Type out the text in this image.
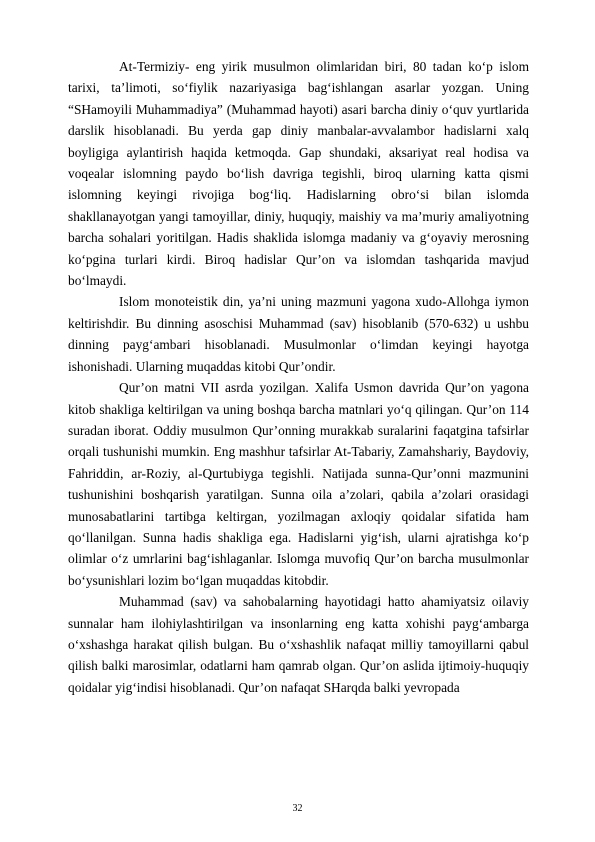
At-Termiziy- eng yirik musulmon olimlaridan biri, 80 tadan ko‘p islom tarixi, ta’limoti, so‘fiylik nazariyasiga bag‘ishlangan asarlar yozgan. Uning “SHamoyili Muhammadiya” (Muhammad hayoti) asari barcha diniy o‘quv yurtlarida darslik hisoblanadi. Bu yerda gap diniy manbalar-avvalambor hadislarni xalq boyligiga aylantirish haqida ketmoqda. Gap shundaki, aksariyat real hodisa va voqealar islomning paydo bo‘lish davriga tegishli, biroq ularning katta qismi islomning keyingi rivojiga bog‘liq. Hadislarning obro‘si bilan islomda shakllanayotgan yangi tamoyillar, diniy, huquqiy, maishiy va ma’muriy amaliyotning barcha sohalari yoritilgan. Hadis shaklida islomga madaniy va g‘oyaviy merosning ko‘pgina turlari kirdi. Biroq hadislar Qur’on va islomdan tashqarida mavjud bo‘lmaydi.

Islom monoteistik din, ya’ni uning mazmuni yagona xudo-Allohga iymon keltirishdir. Bu dinning asoschisi Muhammad (sav) hisoblanib (570-632) u ushbu dinning payg‘ambari hisoblanadi. Musulmonlar o‘limdan keyingi hayotga ishonishadi. Ularning muqaddas kitobi Qur’ondir.

Qur’on matni VII asrda yozilgan. Xalifa Usmon davrida Qur’on yagona kitob shakliga keltirilgan va uning boshqa barcha matnlari yo‘q qilingan. Qur’on 114 suradan iborat. Oddiy musulmon Qur’onning murakkab suralarini faqatgina tafsirlar orqali tushunishi mumkin. Eng mashhur tafsirlar At-Tabariy, Zamahshariy, Baydoviy, Fahriddin, ar-Roziy, al-Qurtubiyga tegishli. Natijada sunna-Qur’onni mazmunini tushunishini boshqarish yaratilgan. Sunna oila a’zolari, qabila a’zolari orasidagi munosabatlarini tartibga keltirgan, yozilmagan axloqiy qoidalar sifatida ham qo‘llanilgan. Sunna hadis shakliga ega. Hadislarni yig‘ish, ularni ajratishga ko‘p olimlar o‘z umrlarini bag‘ishlaganlar. Islomga muvofiq Qur’on barcha musulmonlar bo‘ysunishlari lozim bo‘lgan muqaddas kitobdir.

Muhammad (sav) va sahobalarning hayotidagi hatto ahamiyatsiz oilaviy sunnalar ham ilohiylashtirilgan va insonlarning eng katta xohishi payg‘ambarga o‘xshashga harakat qilish bulgan. Bu o‘xshashlik nafaqat milliy tamoyillarni qabul qilish balki marosimlar, odatlarni ham qamrab olgan. Qur’on aslida ijtimoiy-huquqiy qoidalar yig‘indisi hisoblanadi. Qur’on nafaqat SHarqda balki yevropada

32
